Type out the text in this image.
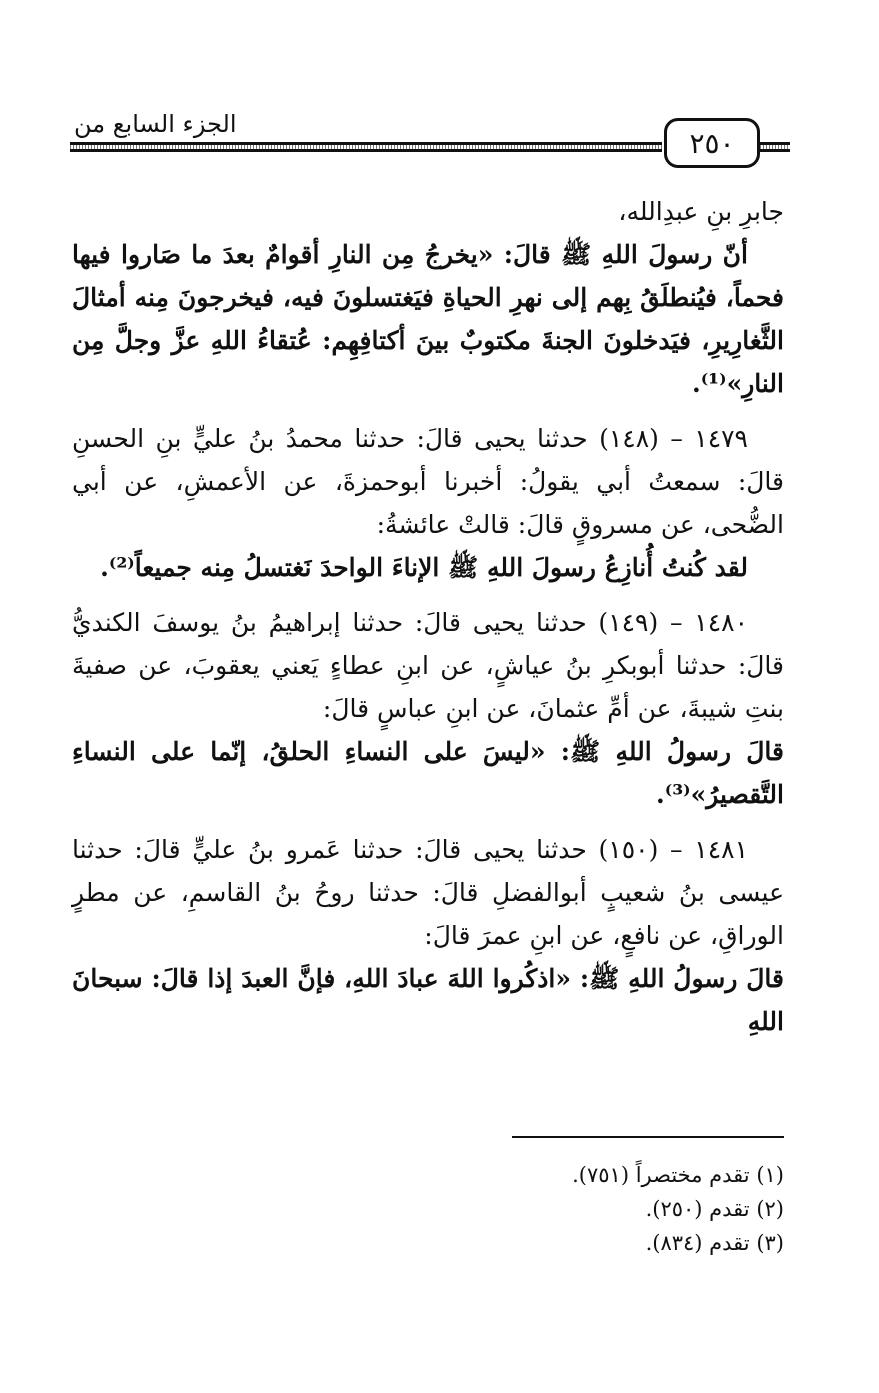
الجزء السابع من
٢٥٠

جابرِ بنِ عبدِالله،

أنّ رسولَ اللهِ ﷺ قالَ: «يخرجُ مِن النارِ أقوامٌ بعدَ ما صَاروا فيها فحماً، فيُنطلَقُ بِهم إلى نهرِ الحياةِ فيَغتسلونَ فيه، فيخرجونَ مِنه أمثالَ الثَّغارِيرِ، فيَدخلونَ الجنةَ مكتوبٌ بينَ أكتافِهِم: عُتقاءُ اللهِ عزَّ وجلَّ مِن النارِ»⁽¹⁾.

١٤٧٩ – (١٤٨) حدثنا يحيى قالَ: حدثنا محمدُ بنُ عليٍّ بنِ الحسنِ قالَ: سمعتُ أبي يقولُ: أخبرنا أبوحمزةَ، عن الأعمشِ، عن أبي الضُّحى، عن مسروقٍ قالَ: قالتْ عائشةُ:

لقد كُنتُ أُنازِعُ رسولَ اللهِ ﷺ الإناءَ الواحدَ نَغتسلُ مِنه جميعاً⁽²⁾.

١٤٨٠ – (١٤٩) حدثنا يحيى قالَ: حدثنا إبراهيمُ بنُ يوسفَ الكنديُّ قالَ: حدثنا أبوبكرِ بنُ عياشٍ، عن ابنِ عطاءٍ يَعني يعقوبَ، عن صفيةَ بنتِ شيبةَ، عن أمِّ عثمانَ، عن ابنِ عباسٍ قالَ:

قالَ رسولُ اللهِ ﷺ: «ليسَ على النساءِ الحلقُ، إنّما على النساءِ التَّقصيرُ»⁽³⁾.

١٤٨١ – (١٥٠) حدثنا يحيى قالَ: حدثنا عَمرو بنُ عليٍّ قالَ: حدثنا عيسى بنُ شعيبٍ أبوالفضلِ قالَ: حدثنا روحُ بنُ القاسمِ، عن مطرٍ الوراقِ، عن نافعٍ، عن ابنِ عمرَ قالَ:

قالَ رسولُ اللهِ ﷺ: «اذكُروا اللهَ عبادَ اللهِ، فإنَّ العبدَ إذا قالَ: سبحانَ اللهِ

(١) تقدم مختصراً (٧٥١).

(٢) تقدم (٢٥٠).

(٣) تقدم (٨٣٤).
